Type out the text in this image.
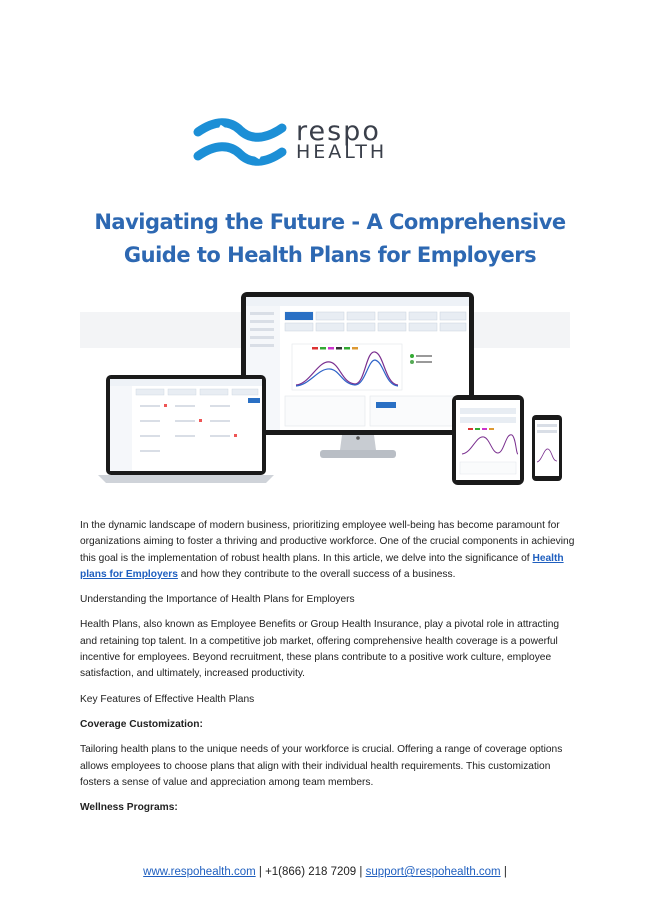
respo
HEALTH
Navigating the Future - A Comprehensive
Guide to Health Plans for Employers

In the dynamic landscape of modern business, prioritizing employee well-being has become paramount for organizations aiming to foster a thriving and productive workforce. One of the crucial components in achieving this goal is the implementation of robust health plans. In this article, we delve into the significance of Health plans for Employers and how they contribute to the overall success of a business.

Understanding the Importance of Health Plans for Employers

Health Plans, also known as Employee Benefits or Group Health Insurance, play a pivotal role in attracting and retaining top talent. In a competitive job market, offering comprehensive health coverage is a powerful incentive for employees. Beyond recruitment, these plans contribute to a positive work culture, employee satisfaction, and ultimately, increased productivity.

Key Features of Effective Health Plans

Coverage Customization:

Tailoring health plans to the unique needs of your workforce is crucial. Offering a range of coverage options allows employees to choose plans that align with their individual health requirements. This customization fosters a sense of value and appreciation among team members.

Wellness Programs:

www.respohealth.com | +1(866) 218 7209 | support@respohealth.com |
